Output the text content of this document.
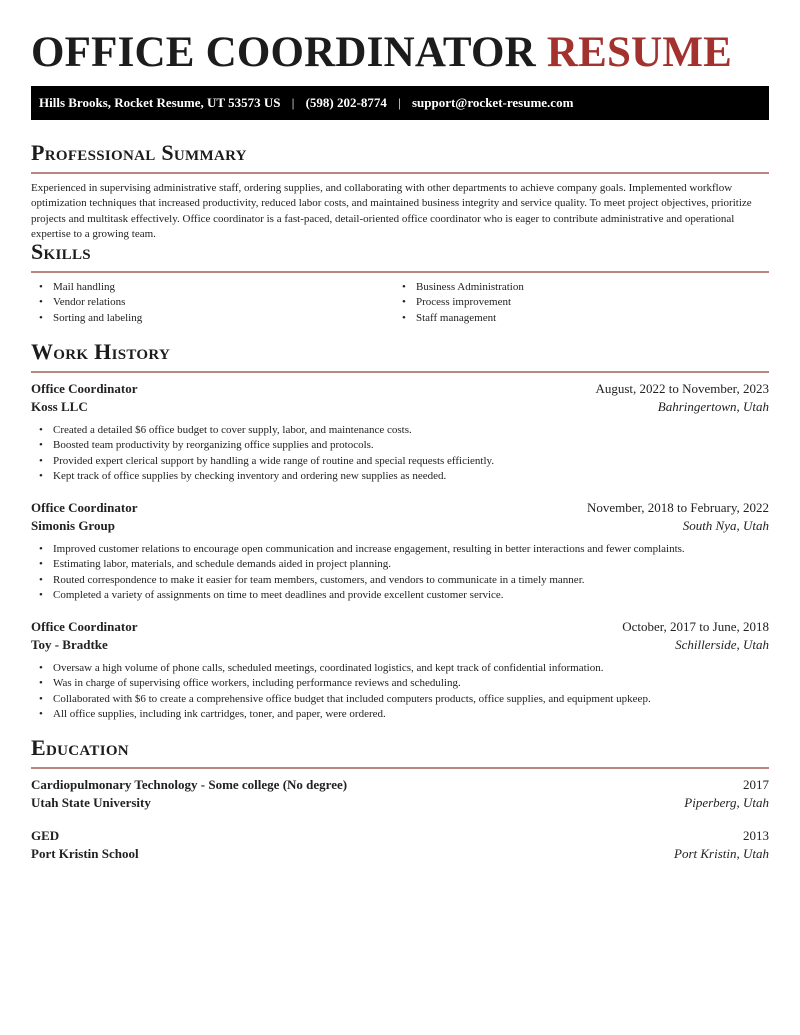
OFFICE COORDINATOR RESUME
Hills Brooks, Rocket Resume, UT 53573 US | (598) 202-8774 | support@rocket-resume.com
Professional Summary

Experienced in supervising administrative staff, ordering supplies, and collaborating with other departments to achieve company goals. Implemented workflow optimization techniques that increased productivity, reduced labor costs, and maintained business integrity and service quality. To meet project objectives, prioritize projects and multitask effectively. Office coordinator is a fast-paced, detail-oriented office coordinator who is eager to contribute administrative and operational expertise to a growing team.

Skills
• Mail handling
• Vendor relations
• Sorting and labeling
• Business Administration
• Process improvement
• Staff management
Work History
Office Coordinator	August, 2022 to November, 2023
Koss LLC	Bahringertown, Utah
• Created a detailed $6 office budget to cover supply, labor, and maintenance costs.
• Boosted team productivity by reorganizing office supplies and protocols.
• Provided expert clerical support by handling a wide range of routine and special requests efficiently.
• Kept track of office supplies by checking inventory and ordering new supplies as needed.
Office Coordinator	November, 2018 to February, 2022
Simonis Group	South Nya, Utah
• Improved customer relations to encourage open communication and increase engagement, resulting in better interactions and fewer complaints.
• Estimating labor, materials, and schedule demands aided in project planning.
• Routed correspondence to make it easier for team members, customers, and vendors to communicate in a timely manner.
• Completed a variety of assignments on time to meet deadlines and provide excellent customer service.
Office Coordinator	October, 2017 to June, 2018
Toy - Bradtke	Schillerside, Utah
• Oversaw a high volume of phone calls, scheduled meetings, coordinated logistics, and kept track of confidential information.
• Was in charge of supervising office workers, including performance reviews and scheduling.
• Collaborated with $6 to create a comprehensive office budget that included computers products, office supplies, and equipment upkeep.
• All office supplies, including ink cartridges, toner, and paper, were ordered.
Education
Cardiopulmonary Technology - Some college (No degree)	2017
Utah State University	Piperberg, Utah
GED	2013
Port Kristin School	Port Kristin, Utah
